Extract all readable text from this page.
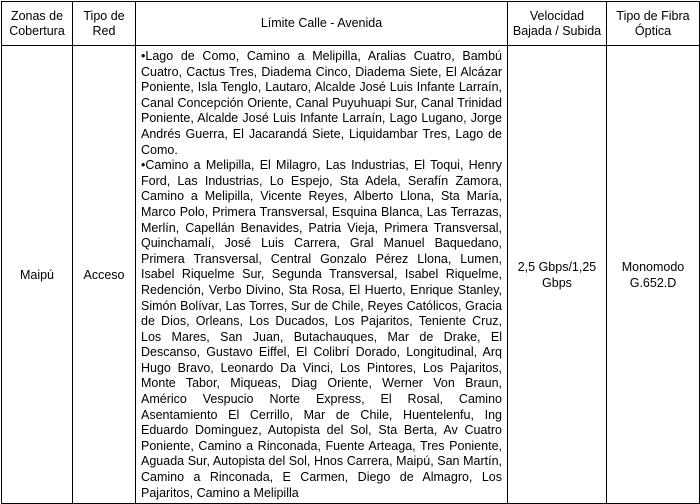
Zonas de Cobertura	Tipo de Red	Límite Calle - Avenida	Velocidad Bajada / Subida	Tipo de Fibra Óptica
Maipú	Acceso	•Lago de Como, Camino a Melipilla, Aralias Cuatro, Bambú Cuatro, Cactus Tres, Diadema Cinco, Diadema Siete, El Alcázar Poniente, Isla Tenglo, Lautaro, Alcalde José Luis Infante Larraín, Canal Concepción Oriente, Canal Puyuhuapi Sur, Canal Trinidad Poniente, Alcalde José Luis Infante Larraín, Lago Lugano, Jorge Andrés Guerra, El Jacarandá Siete, Liquidambar Tres, Lago de Como.

•Camino a Melipilla, El Milagro, Las Industrias, El Toqui, Henry Ford, Las Industrias, Lo Espejo, Sta Adela, Serafín Zamora, Camino a Melipilla, Vicente Reyes, Alberto Llona, Sta María, Marco Polo, Primera Transversal, Esquina Blanca, Las Terrazas, Merlín, Capellán Benavides, Patria Vieja, Primera Transversal, Quinchamalí, José Luis Carrera, Gral Manuel Baquedano, Primera Transversal, Central Gonzalo Pérez Llona, Lumen, Isabel Riquelme Sur, Segunda Transversal, Isabel Riquelme, Redención, Verbo Divino, Sta Rosa, El Huerto, Enrique Stanley, Simón Bolívar, Las Torres, Sur de Chile, Reyes Católicos, Gracia de Dios, Orleans, Los Ducados, Los Pajaritos, Teniente Cruz, Los Mares, San Juan, Butachauques, Mar de Drake, El Descanso, Gustavo Eiffel, El Colibrí Dorado, Longitudinal, Arq Hugo Bravo, Leonardo Da Vinci, Los Pintores, Los Pajaritos, Monte Tabor, Miqueas, Diag Oriente, Werner Von Braun, Américo Vespucio Norte Express, El Rosal, Camino Asentamiento El Cerrillo, Mar de Chile, Huentelenfu, Ing Eduardo Dominguez, Autopista del Sol, Sta Berta, Av Cuatro Poniente, Camino a Rinconada, Fuente Arteaga, Tres Poniente, Aguada Sur, Autopista del Sol, Hnos Carrera, Maipú, San Martín, Camino a Rinconada, E Carmen, Diego de Almagro, Los Pajaritos, Camino a Melipilla	2,5 Gbps/1,25 Gbps	Monomodo G.652.D
